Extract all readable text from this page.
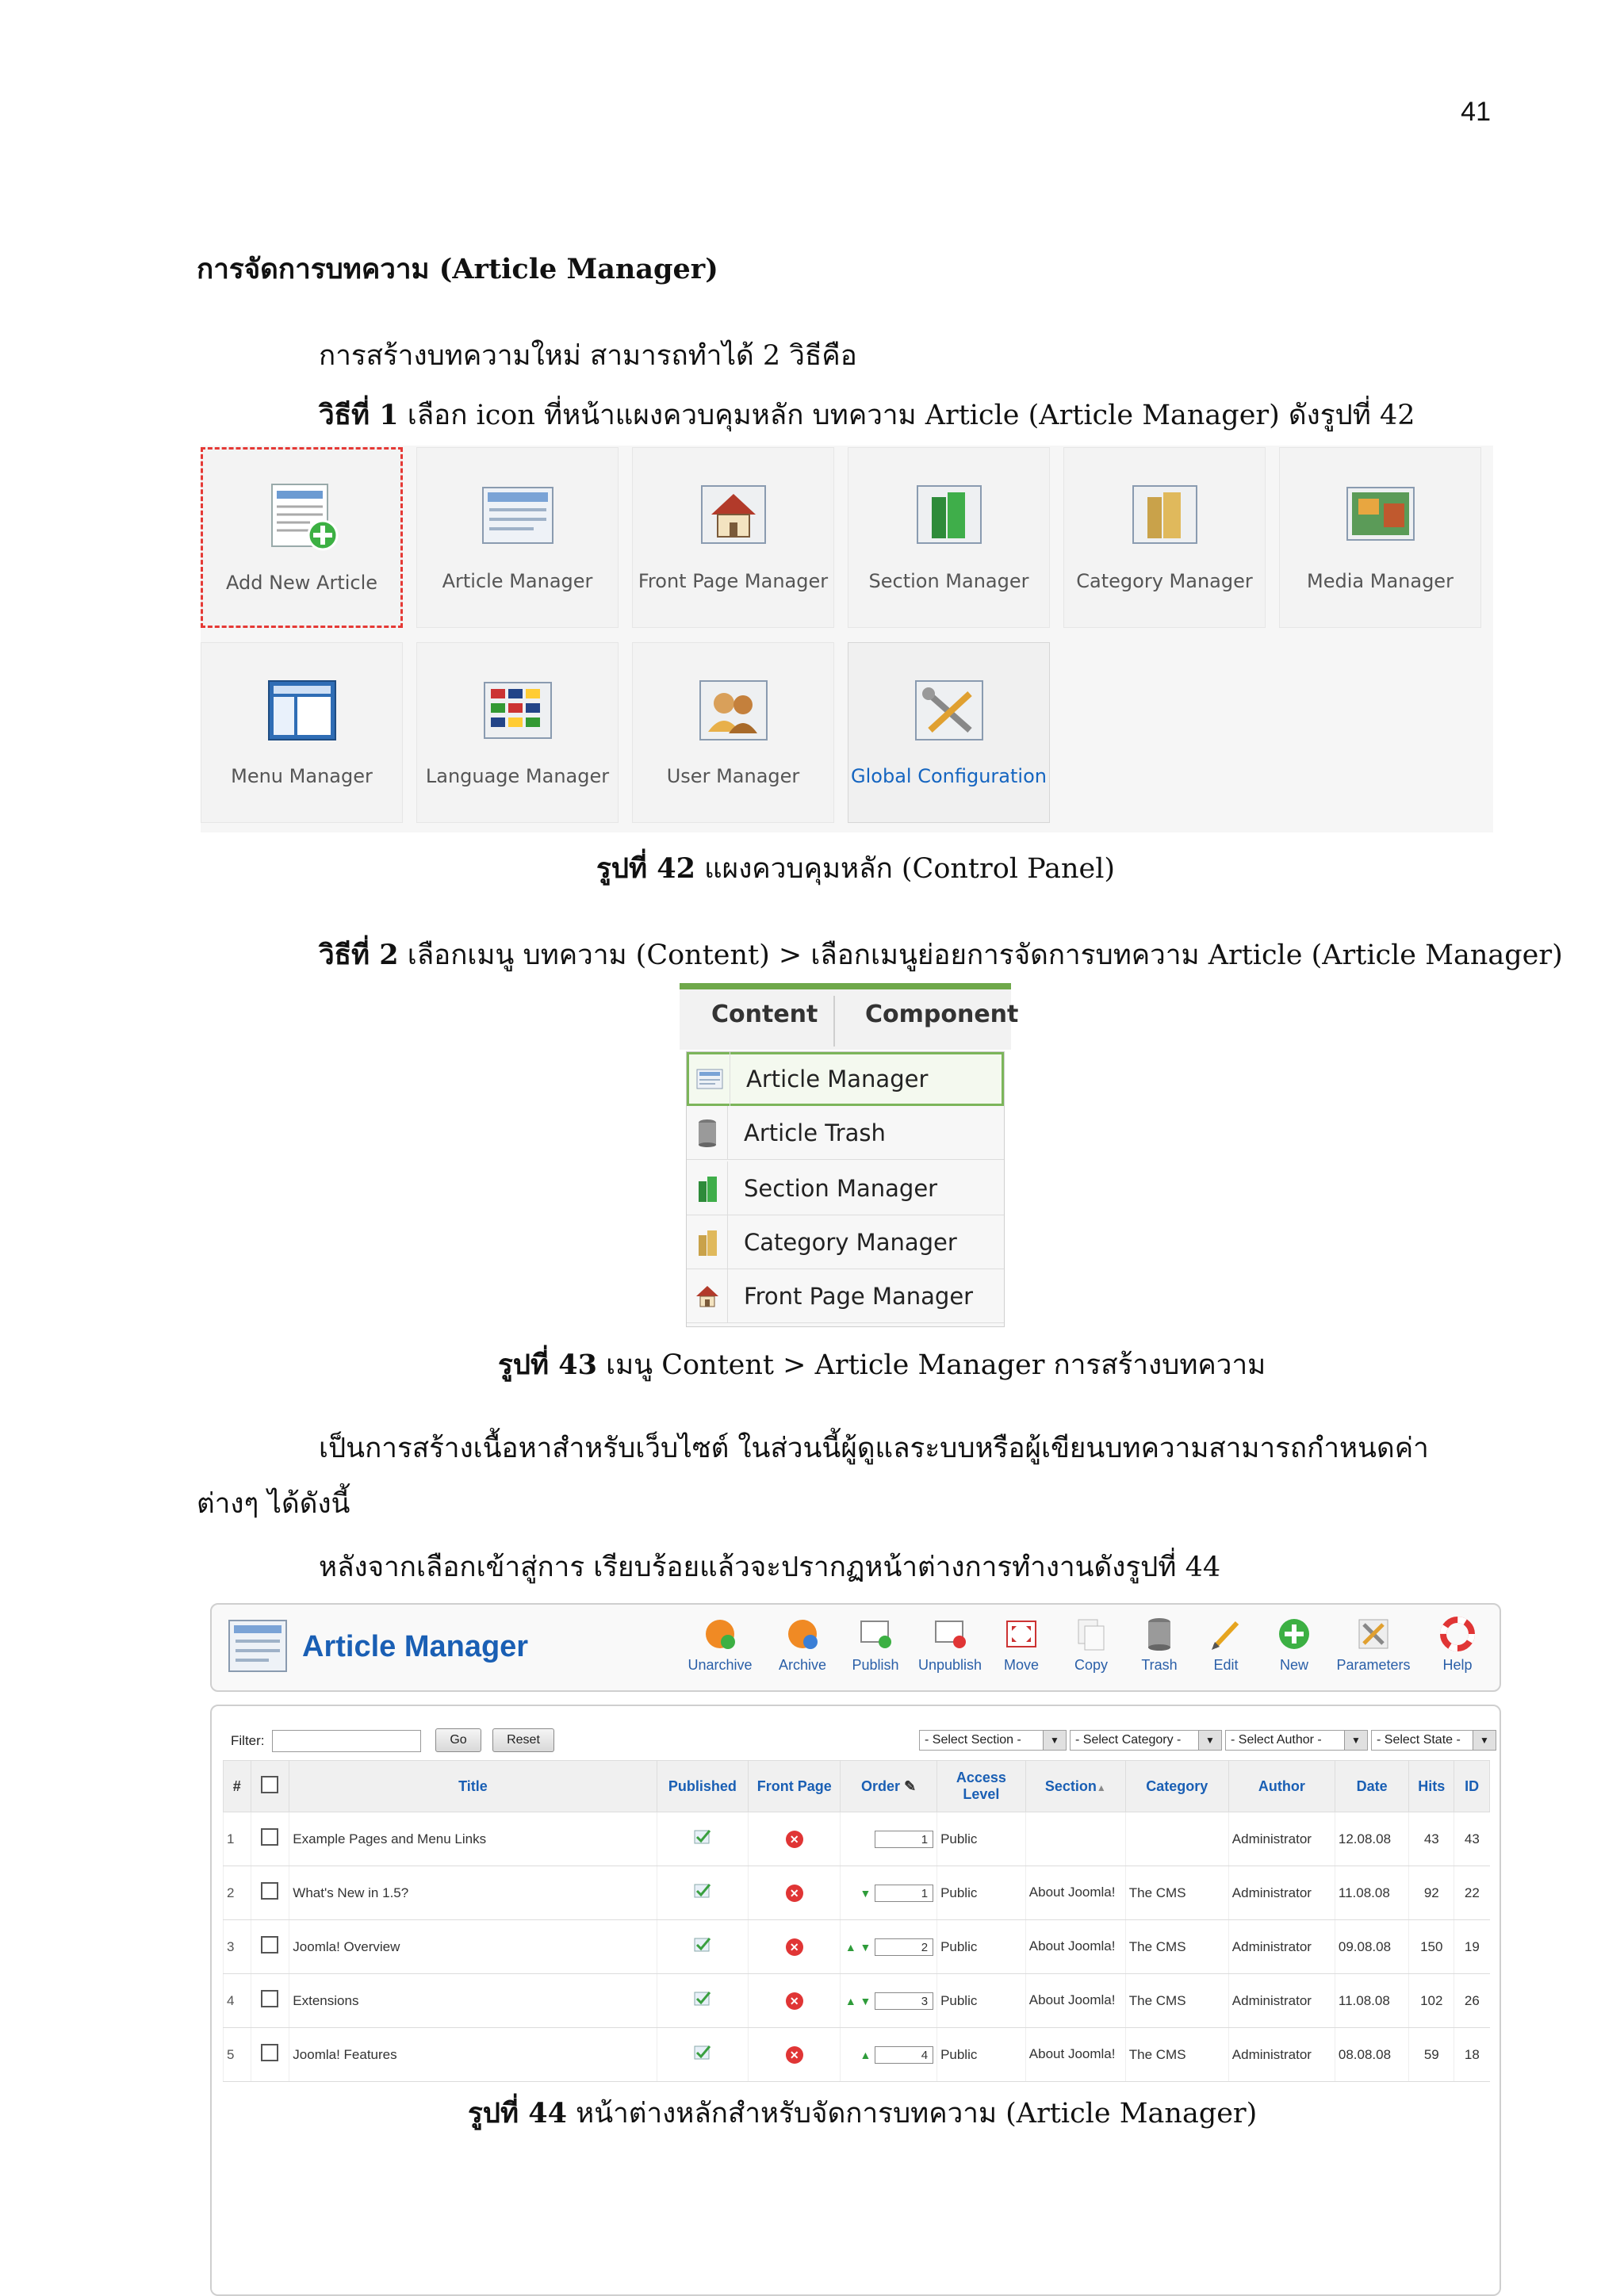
41
การจัดการบทความ (Article Manager)
การสร้างบทความใหม่ สามารถทำได้ 2 วิธีคือ
วิธีที่ 1 เลือก icon ที่หน้าแผงควบคุมหลัก บทความ Article (Article Manager) ดังรูปที่ 42
Add New Article	Article Manager Front Page Manager Section Manager Category Manager	Media Manager
Menu Manager	Language Manager	User Manager	Global Configuration
รูปที่ 42 แผงควบคุมหลัก (Control Panel)
วิธีที่ 2 เลือกเมนู บทความ (Content) > เลือกเมนูย่อยการจัดการบทความ Article (Article Manager)
Content Component
Article Manager
Article Trash
Section Manager
Category Manager
Front Page Manager
รูปที่ 43 เมนู Content > Article Manager การสร้างบทความ
เป็นการสร้างเนื้อหาสำหรับเว็บไซต์ ในส่วนนี้ผู้ดูแลระบบหรือผู้เขียนบทความสามารถกำหนดค่า
ต่างๆ ได้ดังนี้
หลังจากเลือกเข้าสู่การ เรียบร้อยแล้วจะปรากฏหน้าต่างการทำงานดังรูปที่ 44
Article Manager
Unarchive Archive Publish Unpublish Move Copy Trash	Edit	New Parameters Help
Filter:	Go	Reset	- Select Section -	▼	- Select Category -	▼	- Select Author -	▼	- Select State -	▼
#		Title	Published	Front Page	Order ✎	Access Level	Section▲	Category	Author	Date	Hits	ID
1		Example Pages and Menu Links		✕	1	Public			Administrator	12.08.08	43	43
2		What's New in 1.5?		✕	▼ 1	Public	About Joomla!	The CMS	Administrator	11.08.08	92	22
3		Joomla! Overview		✕	▲ ▼ 2	Public	About Joomla!	The CMS	Administrator	09.08.08	150	19
4		Extensions		✕	▲ ▼ 3	Public	About Joomla!	The CMS	Administrator	11.08.08	102	26
5		Joomla! Features		✕	▲ 4	Public	About Joomla!	The CMS	Administrator	08.08.08	59	18
รูปที่ 44 หน้าต่างหลักสำหรับจัดการบทความ (Article Manager)
